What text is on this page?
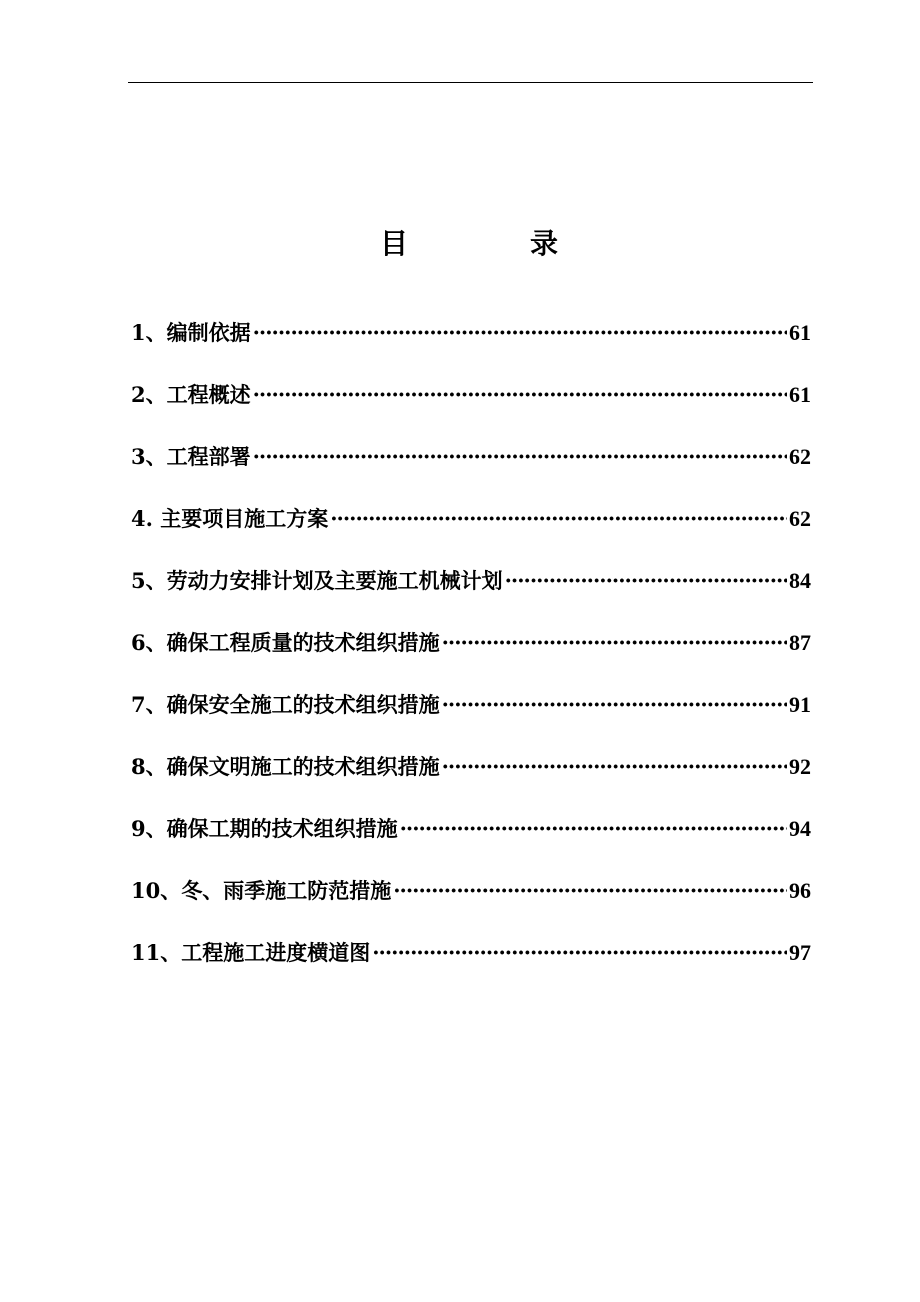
目	录
1、编制依据 ·····	61
2、工程概述 ·····	61
3、工程部署 ·····	62
4. 主要项目施工方案 ·····	62
5、劳动力安排计划及主要施工机械计划 ·····	84
6、确保工程质量的技术组织措施 ·····	87
7、确保安全施工的技术组织措施 ·····	91
8、确保文明施工的技术组织措施 ·····	92
9、确保工期的技术组织措施 ·····	94
10、冬、雨季施工防范措施 ·····	96
11、工程施工进度横道图 ·····	97
